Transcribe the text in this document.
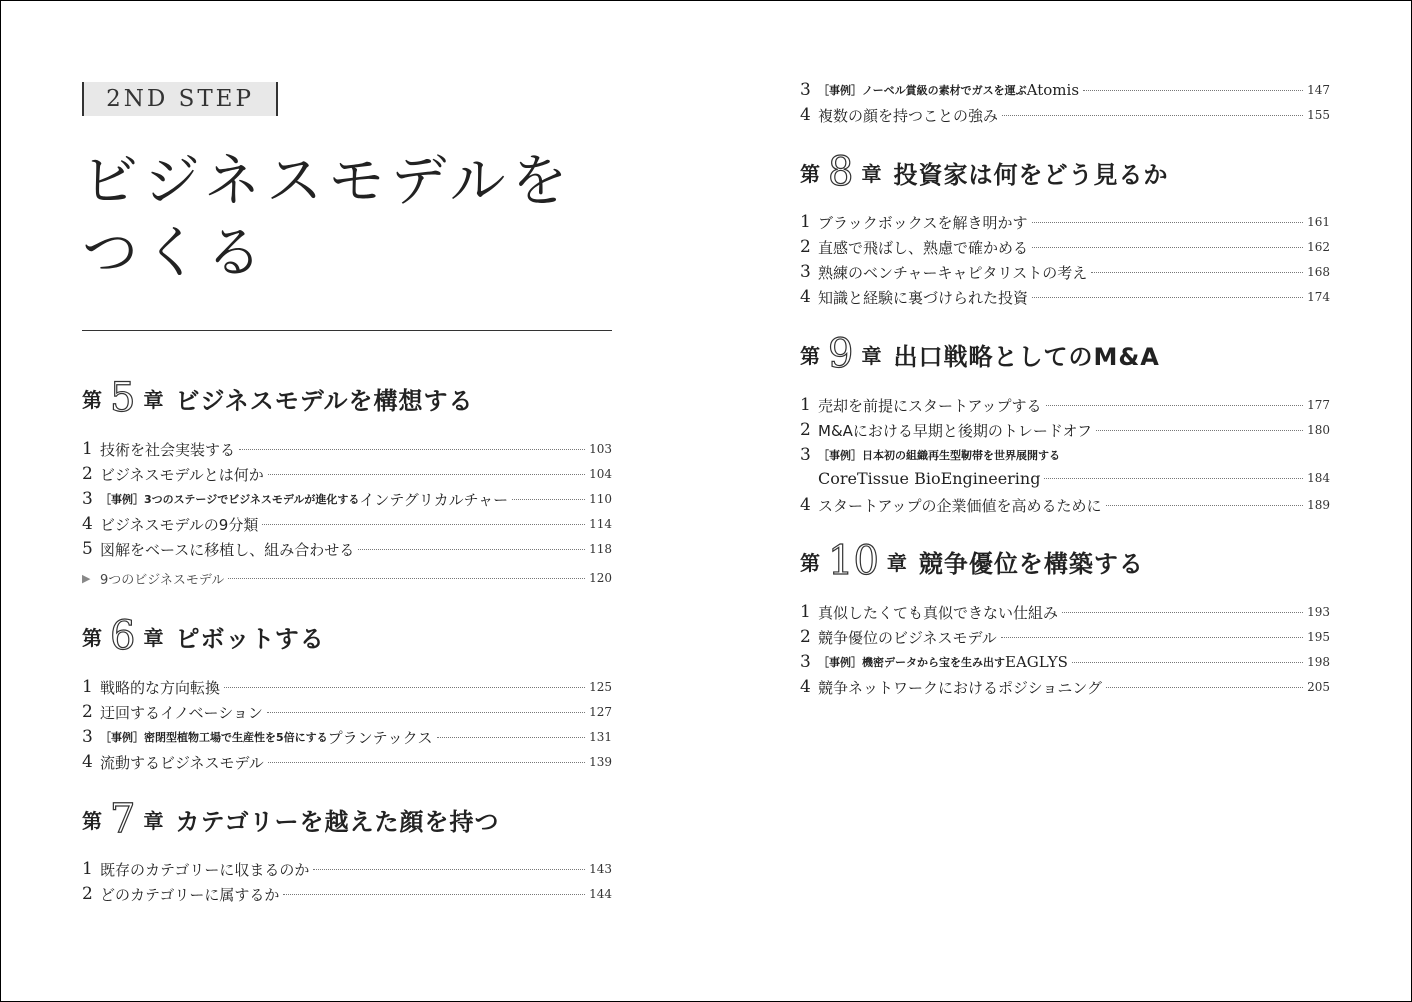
2ND STEP
ビジネスモデルを
つくる
第 5 章 ビジネスモデルを構想する
1 技術を社会実装する	103
2 ビジネスモデルとは何か	104
3 ［事例］3つのステージでビジネスモデルが進化する インテグリカルチャー	110
4 ビジネスモデルの9分類	114
5 図解をベースに移植し、組み合わせる	118
▶ 9つのビジネスモデル	120
第 6 章 ピボットする
1 戦略的な方向転換	125
2 迂回するイノベーション	127
3 ［事例］密閉型植物工場で生産性を5倍にする プランテックス	131
4 流動するビジネスモデル	139
第 7 章 カテゴリーを越えた顔を持つ
1 既存のカテゴリーに収まるのか	143
2 どのカテゴリーに属するか	144
3 ［事例］ノーベル賞級の素材でガスを運ぶ Atomis	147
4 複数の顔を持つことの強み	155
第 8 章 投資家は何をどう見るか
1 ブラックボックスを解き明かす	161
2 直感で飛ばし、熟慮で確かめる	162
3 熟練のベンチャーキャピタリストの考え	168
4 知識と経験に裏づけられた投資	174
第 9 章 出口戦略としてのM&A
1 売却を前提にスタートアップする	177
2 M&Aにおける早期と後期のトレードオフ	180
3 ［事例］日本初の組織再生型靭帯を世界展開する
CoreTissue BioEngineering	184
4 スタートアップの企業価値を高めるために	189
第 10 章 競争優位を構築する
1 真似したくても真似できない仕組み	193
2 競争優位のビジネスモデル	195
3 ［事例］機密データから宝を生み出す EAGLYS	198
4 競争ネットワークにおけるポジショニング	205
